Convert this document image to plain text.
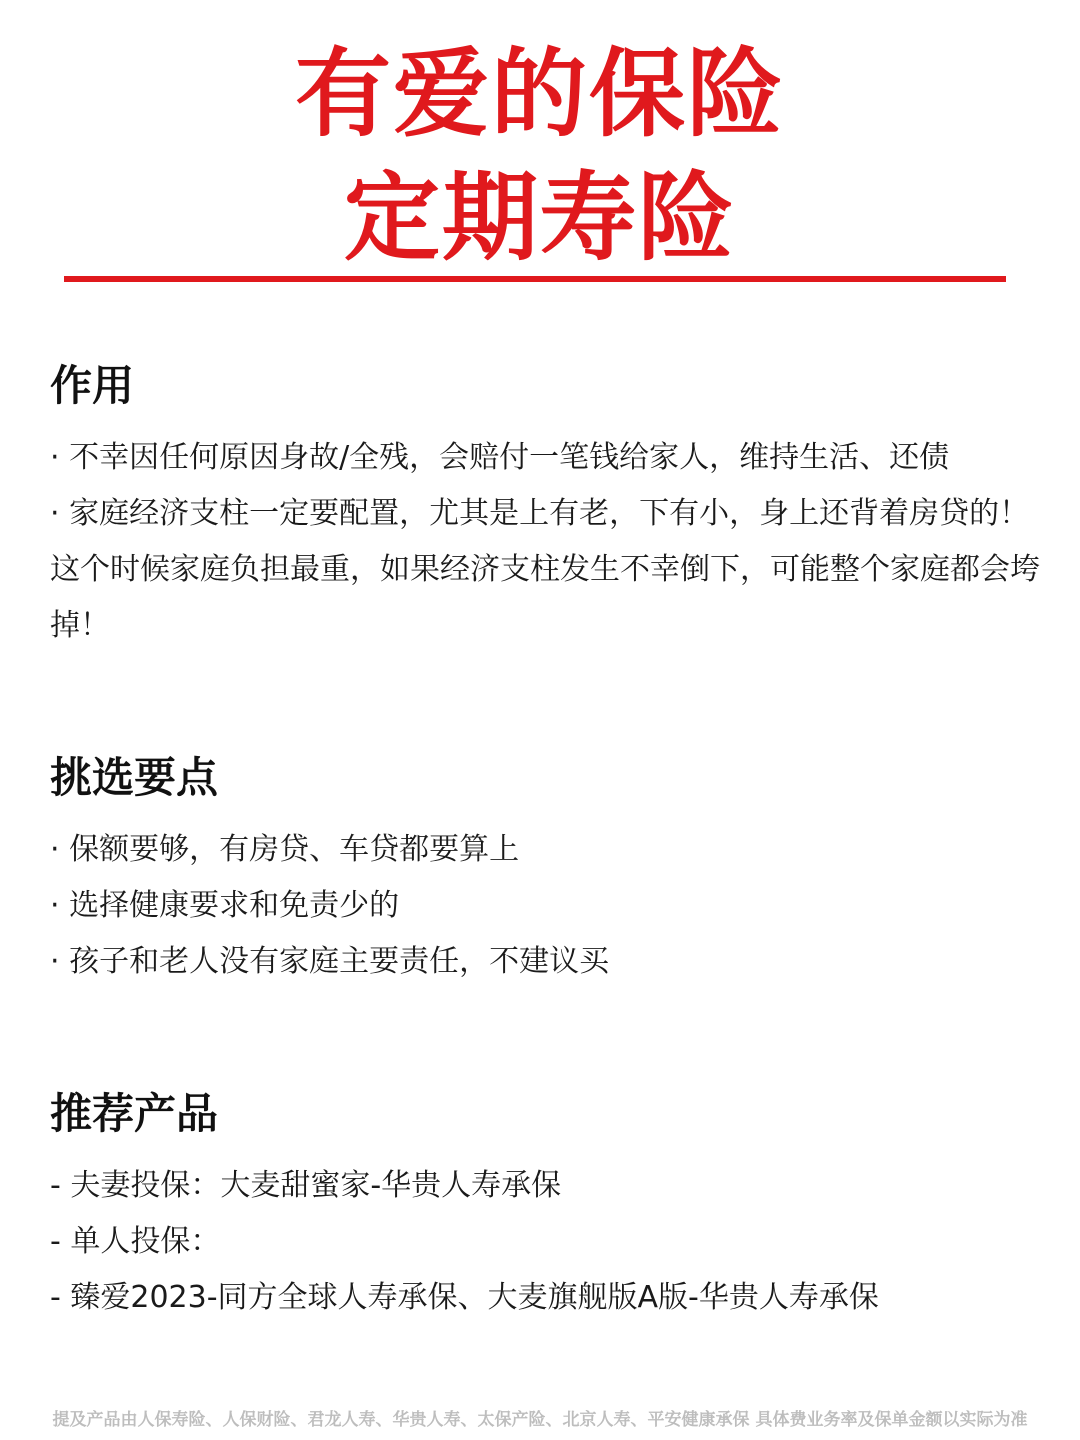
有爱的保险
定期寿险
作用
· 不幸因任何原因身故/全残，会赔付一笔钱给家人，维持生活、还债
· 家庭经济支柱一定要配置，尤其是上有老，下有小，身上还背着房贷的！这个时候家庭负担最重，如果经济支柱发生不幸倒下，可能整个家庭都会垮掉！
挑选要点
· 保额要够，有房贷、车贷都要算上
· 选择健康要求和免责少的
· 孩子和老人没有家庭主要责任，不建议买
推荐产品
- 夫妻投保：大麦甜蜜家-华贵人寿承保
- 单人投保：
- 臻爱2023-同方全球人寿承保、大麦旗舰版A版-华贵人寿承保
提及产品由人保寿险、人保财险、君龙人寿、华贵人寿、太保产险、北京人寿、平安健康承保 具体费业务率及保单金额以实际为准
